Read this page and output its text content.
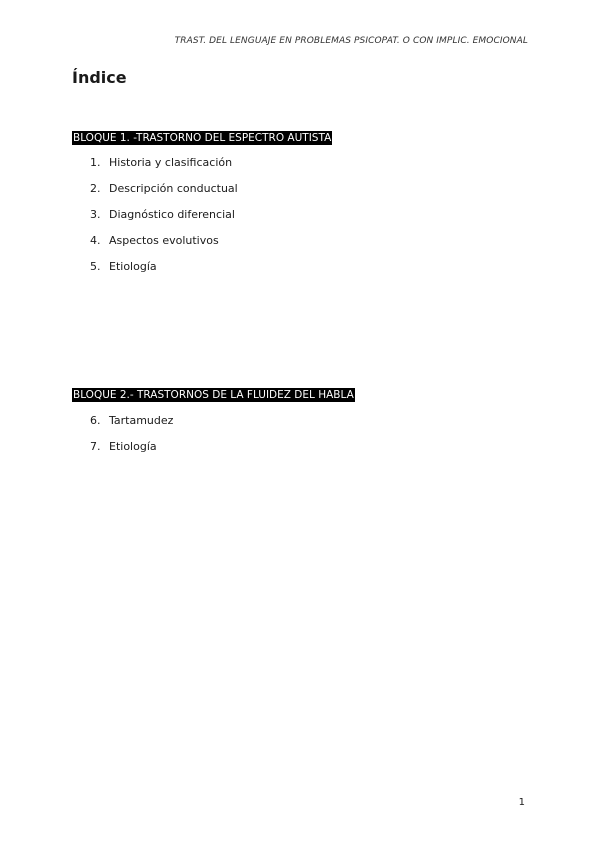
TRAST. DEL LENGUAJE EN PROBLEMAS PSICOPAT. O CON IMPLIC. EMOCIONAL
Índice
BLOQUE 1. -TRASTORNO DEL ESPECTRO AUTISTA
1. Historia y clasificación
2. Descripción conductual
3. Diagnóstico diferencial
4. Aspectos evolutivos
5. Etiología
BLOQUE 2.- TRASTORNOS DE LA FLUIDEZ DEL HABLA
6. Tartamudez
7. Etiología
1
